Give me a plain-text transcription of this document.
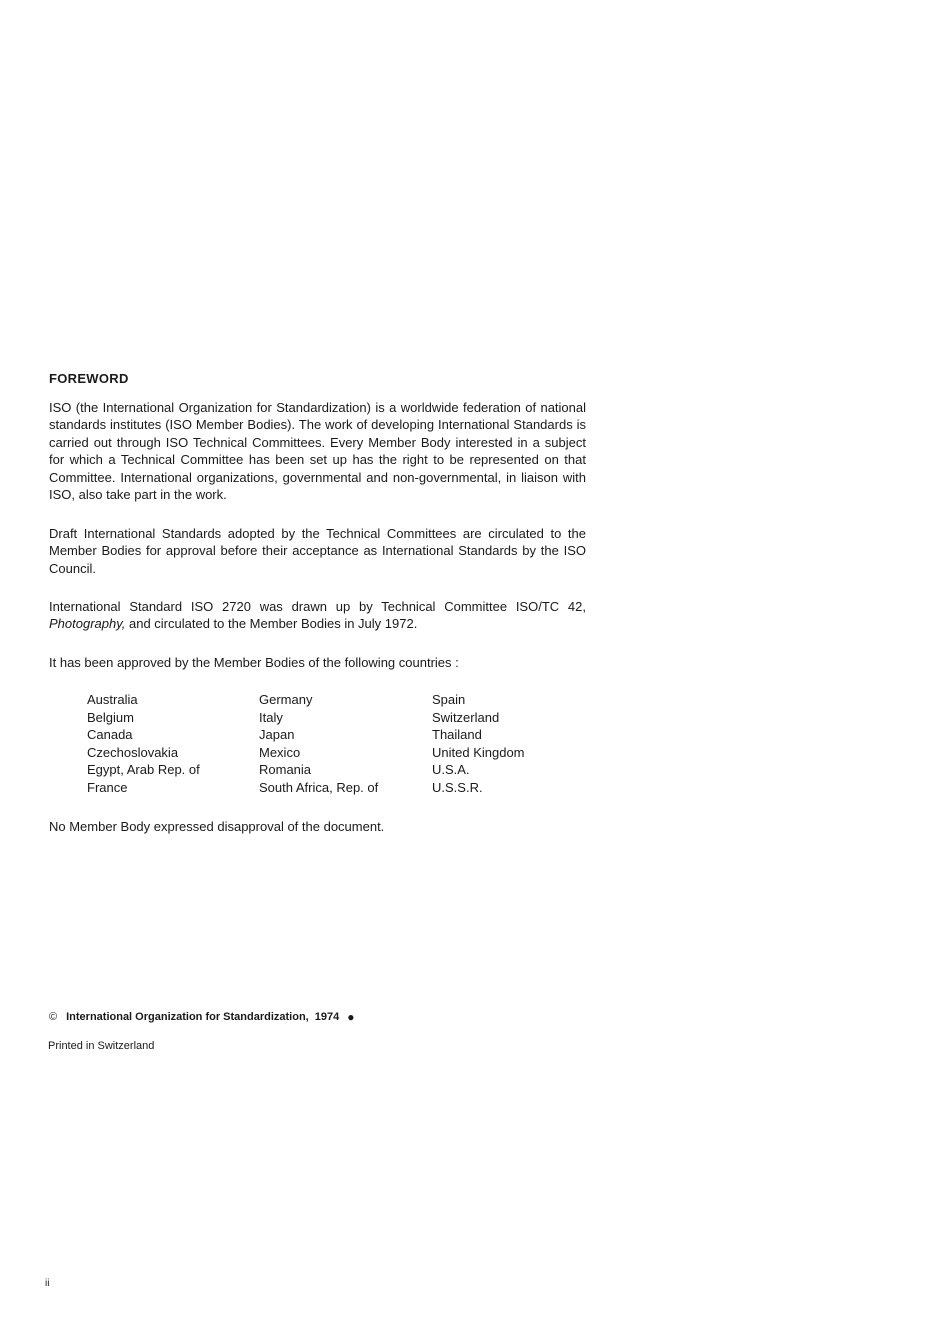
FOREWORD
ISO (the International Organization for Standardization) is a worldwide federation of national standards institutes (ISO Member Bodies). The work of developing International Standards is carried out through ISO Technical Committees. Every Member Body interested in a subject for which a Technical Committee has been set up has the right to be represented on that Committee. International organizations, governmental and non-governmental, in liaison with ISO, also take part in the work.
Draft International Standards adopted by the Technical Committees are circulated to the Member Bodies for approval before their acceptance as International Standards by the ISO Council.
International Standard ISO 2720 was drawn up by Technical Committee ISO/TC 42, Photography, and circulated to the Member Bodies in July 1972.
It has been approved by the Member Bodies of the following countries :
Australia
Belgium
Canada
Czechoslovakia
Egypt, Arab Rep. of
France
Germany
Italy
Japan
Mexico
Romania
South Africa, Rep. of
Spain
Switzerland
Thailand
United Kingdom
U.S.A.
U.S.S.R.
No Member Body expressed disapproval of the document.
© International Organization for Standardization, 1974 ●
Printed in Switzerland
ii
